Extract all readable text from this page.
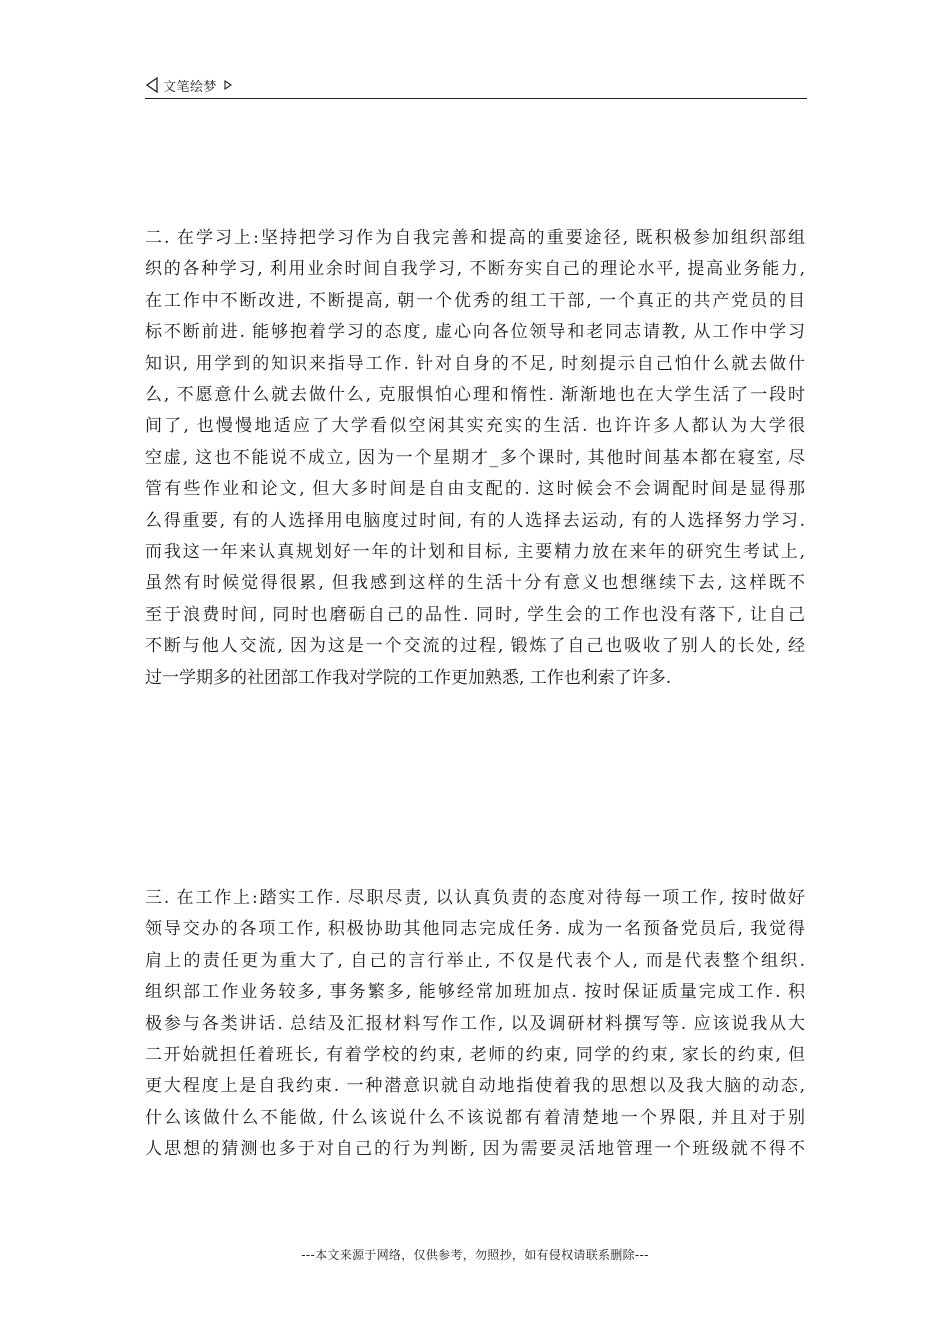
文笔绘梦
二. 在学习上:坚持把学习作为自我完善和提高的重要途径, 既积极参加组织部组
织的各种学习, 利用业余时间自我学习, 不断夯实自己的理论水平, 提高业务能力,
在工作中不断改进, 不断提高, 朝一个优秀的组工干部, 一个真正的共产党员的目
标不断前进. 能够抱着学习的态度, 虚心向各位领导和老同志请教, 从工作中学习
知识, 用学到的知识来指导工作. 针对自身的不足, 时刻提示自己怕什么就去做什
么, 不愿意什么就去做什么, 克服惧怕心理和惰性. 渐渐地也在大学生活了一段时
间了, 也慢慢地适应了大学看似空闲其实充实的生活. 也许许多人都认为大学很
空虚, 这也不能说不成立, 因为一个星期才_多个课时, 其他时间基本都在寝室, 尽
管有些作业和论文, 但大多时间是自由支配的. 这时候会不会调配时间是显得那
么得重要, 有的人选择用电脑度过时间, 有的人选择去运动, 有的人选择努力学习.
而我这一年来认真规划好一年的计划和目标, 主要精力放在来年的研究生考试上,
虽然有时候觉得很累, 但我感到这样的生活十分有意义也想继续下去, 这样既不
至于浪费时间, 同时也磨砺自己的品性. 同时, 学生会的工作也没有落下, 让自己
不断与他人交流, 因为这是一个交流的过程, 锻炼了自己也吸收了别人的长处, 经
过一学期多的社团部工作我对学院的工作更加熟悉, 工作也利索了许多.
三. 在工作上:踏实工作. 尽职尽责, 以认真负责的态度对待每一项工作, 按时做好
领导交办的各项工作, 积极协助其他同志完成任务. 成为一名预备党员后, 我觉得
肩上的责任更为重大了, 自己的言行举止, 不仅是代表个人, 而是代表整个组织.
组织部工作业务较多, 事务繁多, 能够经常加班加点. 按时保证质量完成工作. 积
极参与各类讲话. 总结及汇报材料写作工作, 以及调研材料撰写等. 应该说我从大
二开始就担任着班长, 有着学校的约束, 老师的约束, 同学的约束, 家长的约束, 但
更大程度上是自我约束. 一种潜意识就自动地指使着我的思想以及我大脑的动态,
什么该做什么不能做, 什么该说什么不该说都有着清楚地一个界限, 并且对于别
人思想的猜测也多于对自己的行为判断, 因为需要灵活地管理一个班级就不得不
---本文来源于网络，仅供参考，勿照抄，如有侵权请联系删除---
